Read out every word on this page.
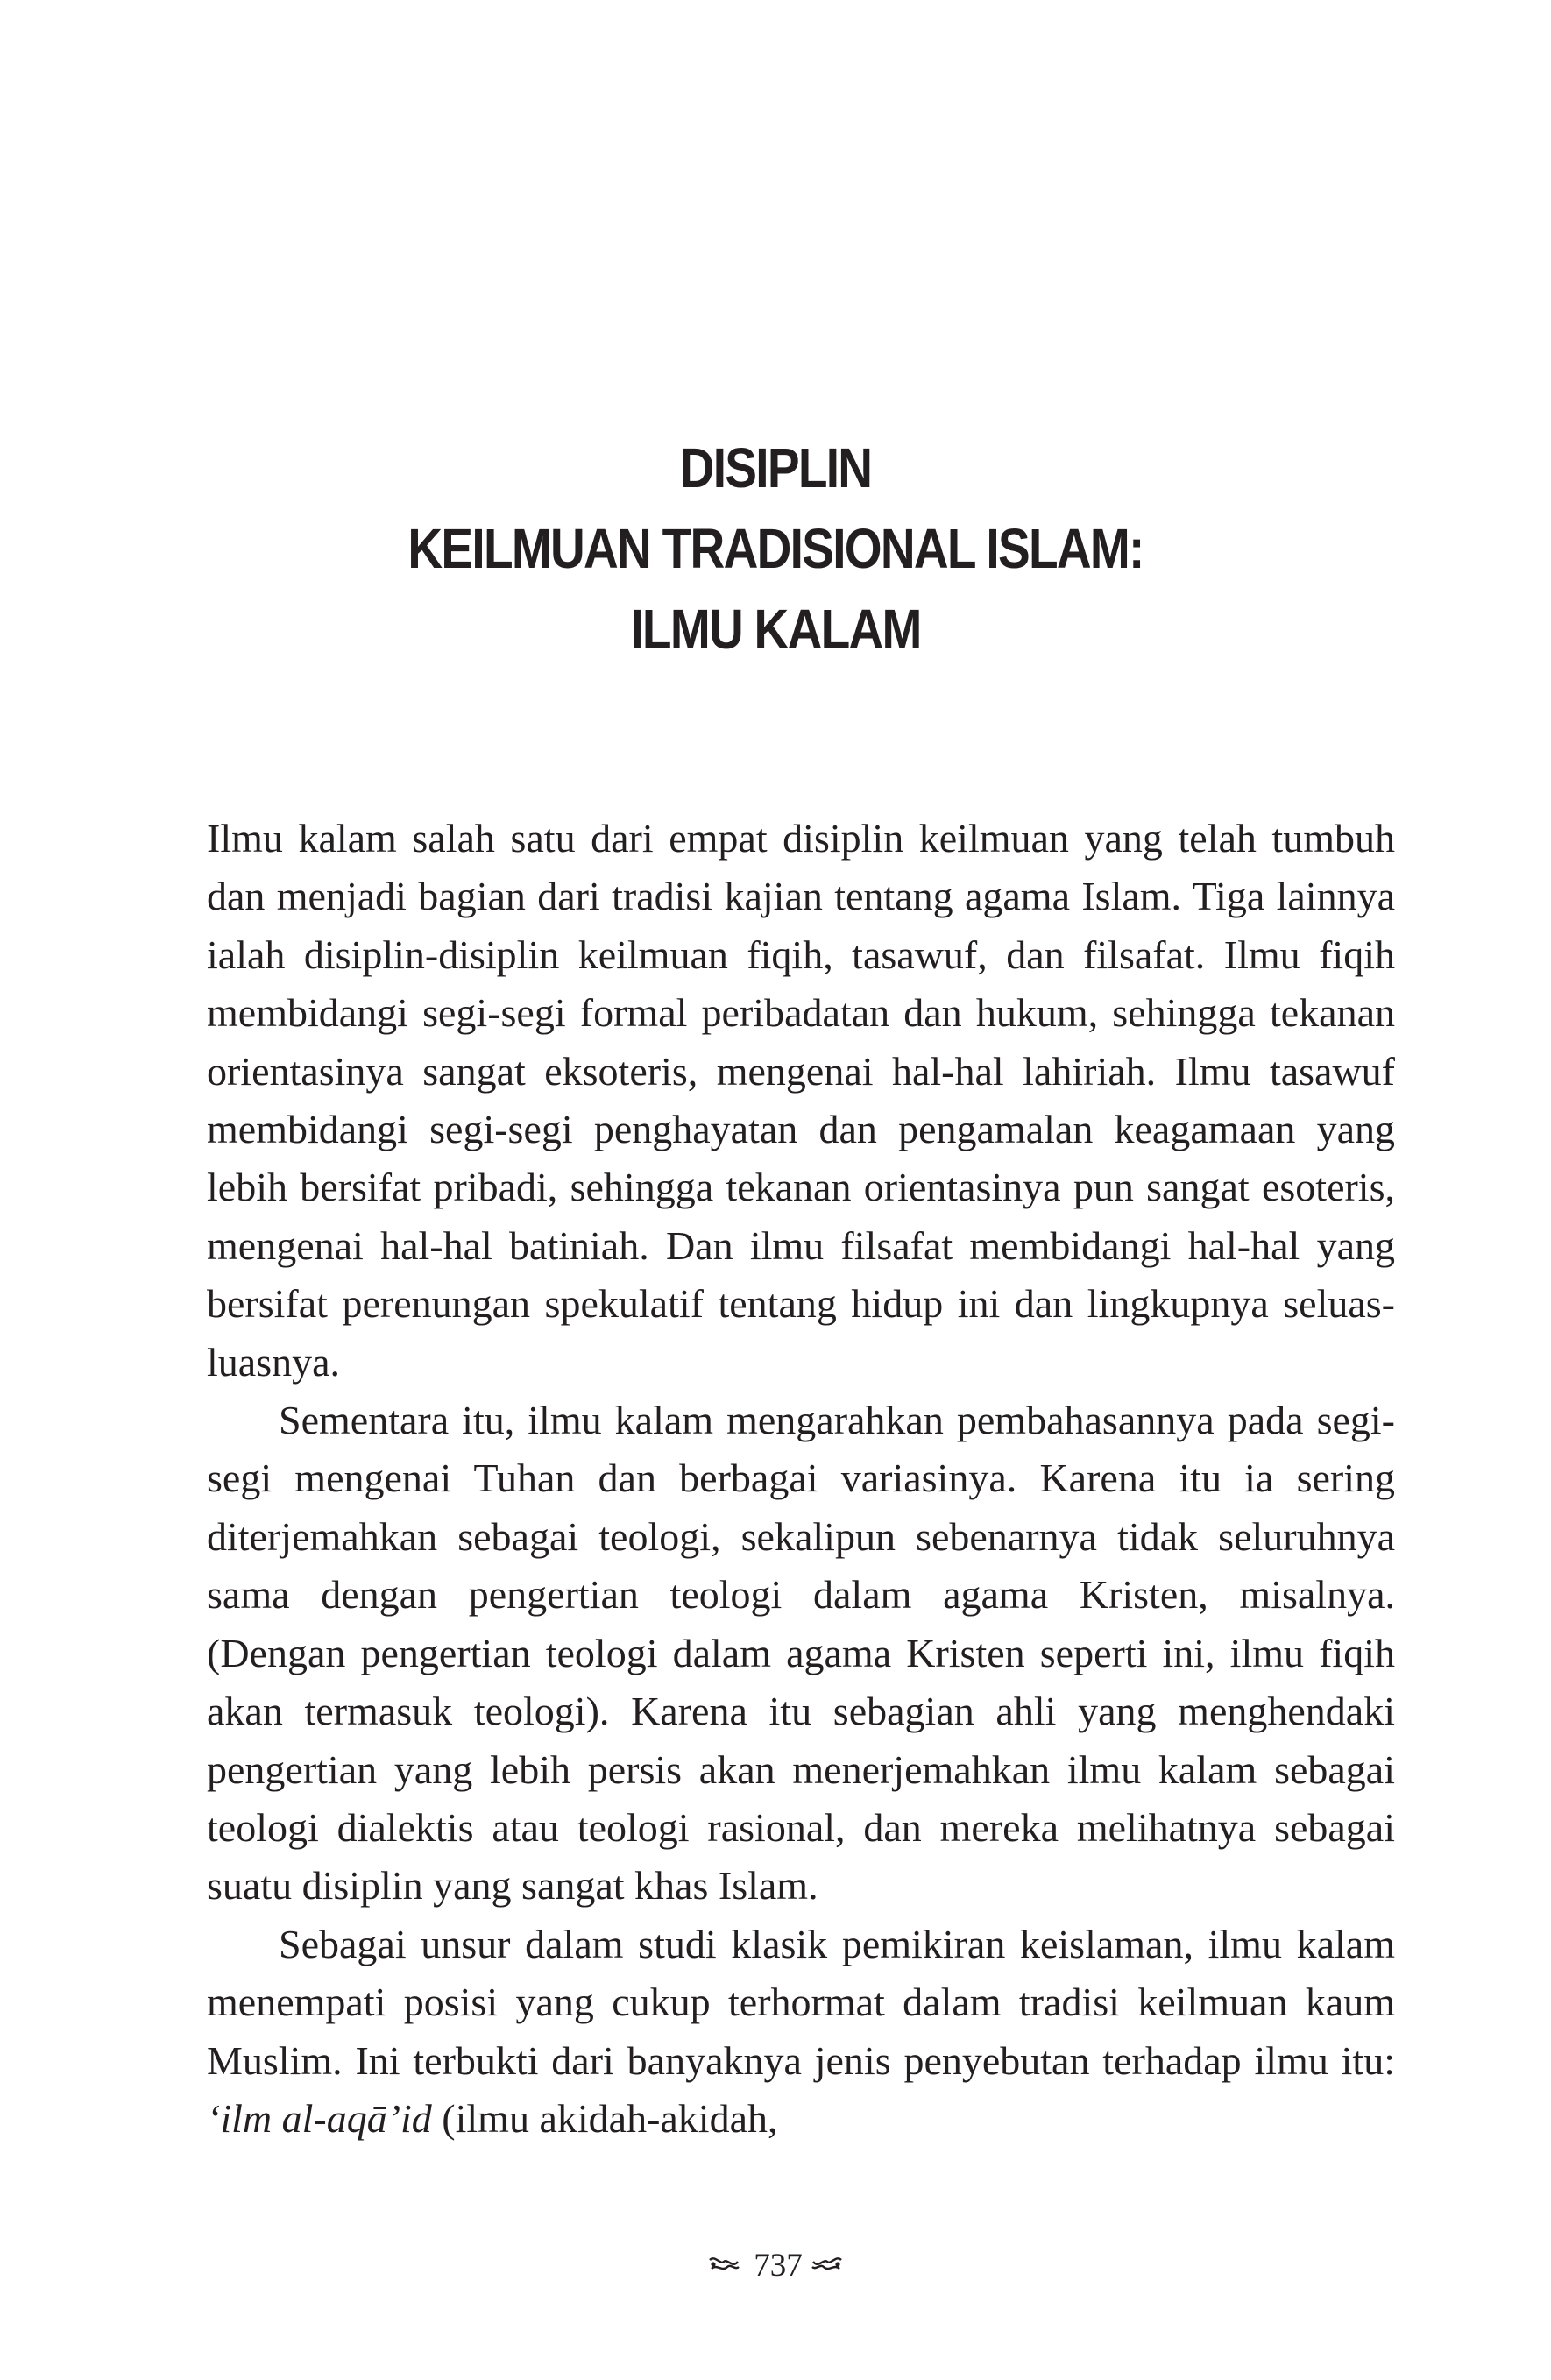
DISIPLIN
KEILMUAN TRADISIONAL ISLAM:
ILMU KALAM

Ilmu kalam salah satu dari empat disiplin keilmuan yang telah tumbuh dan menjadi bagian dari tradisi kajian tentang agama Islam. Tiga lainnya ialah disiplin-disiplin keilmuan fiqih, tasawuf, dan filsafat. Ilmu fiqih membidangi segi-segi formal peribadatan dan hukum, sehingga tekanan orientasinya sangat eksoteris, mengenai hal-hal lahiriah. Ilmu tasawuf membidangi segi-segi penghayatan dan pengamalan keagamaan yang lebih bersifat pribadi, sehingga tekanan orientasinya pun sangat esoteris, mengenai hal-hal batiniah. Dan ilmu filsafat membidangi hal-hal yang bersifat perenungan spekulatif tentang hidup ini dan lingkupnya seluas-luasnya.

Sementara itu, ilmu kalam mengarahkan pembahasannya pada segi-segi mengenai Tuhan dan berbagai variasinya. Karena itu ia sering diterjemahkan sebagai teologi, sekalipun sebenarnya tidak seluruhnya sama dengan pengertian teologi dalam agama Kristen, misalnya. (Dengan pengertian teologi dalam agama Kristen seperti ini, ilmu fiqih akan termasuk teologi). Karena itu sebagian ahli yang menghendaki pengertian yang lebih persis akan menerjemahkan ilmu kalam sebagai teologi dialektis atau teologi rasional, dan mereka melihatnya sebagai suatu disiplin yang sangat khas Islam.

Sebagai unsur dalam studi klasik pemikiran keislaman, ilmu kalam menempati posisi yang cukup terhormat dalam tradisi keilmuan kaum Muslim. Ini terbukti dari banyaknya jenis penyebutan terhadap ilmu itu: ‘ilm al-aqā’id (ilmu akidah-akidah,

737
